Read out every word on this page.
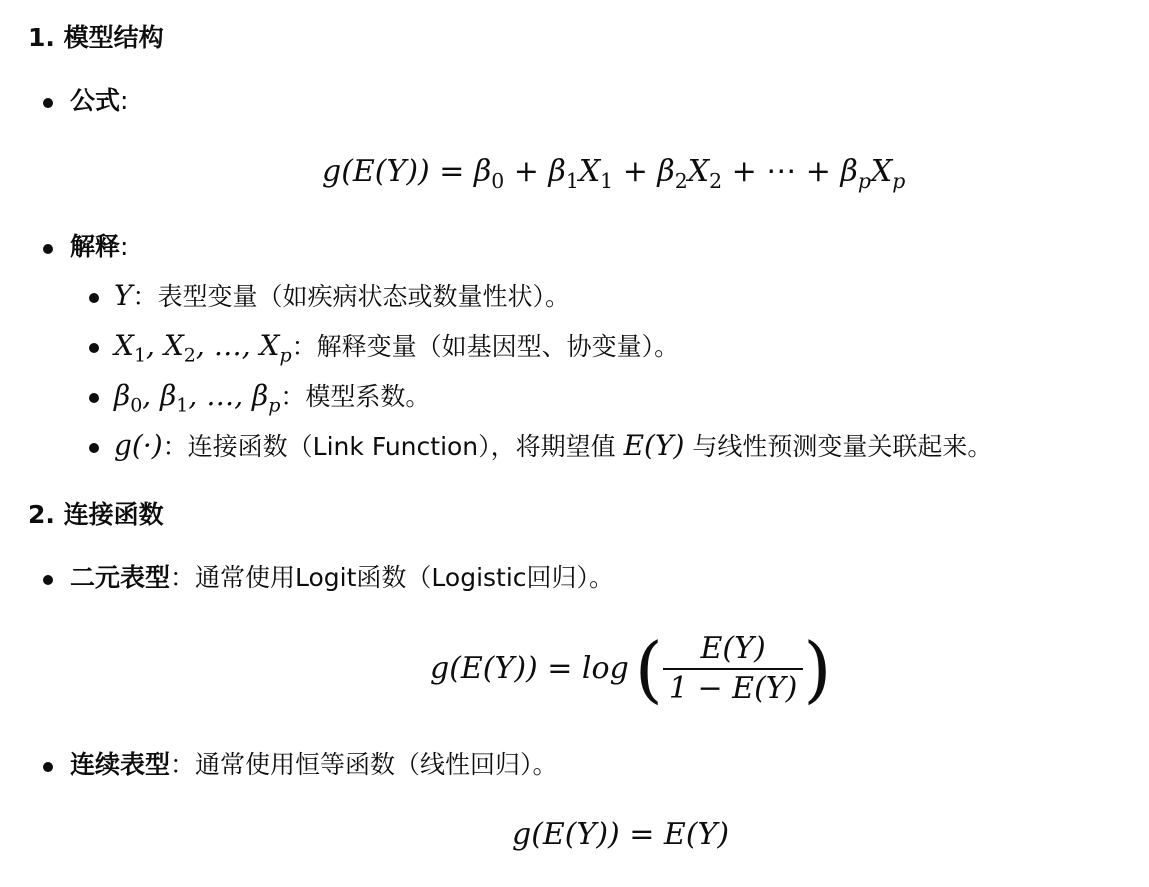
1. 模型结构
公式:
$g(E(Y)) = \beta_0 + \beta_1X_1 + \beta_2X_2$ + ⋯ + $\beta_pX_p$
解释:
Y：表型变量（如疾病状态或数量性状）。
$X_1$, $X_2$, …, $X_p$：解释变量（如基因型、协变量）。
$\beta_0$, $\beta_1$, …, $\beta_p$：模型系数。
g(·)：连接函数（Link Function），将期望值 E(Y) 与线性预测变量关联起来。
2. 连接函数
二元表型：通常使用Logit函数（Logistic回归）。
g(E(Y)) = log ( $\frac{E(Y)}{1 - E(Y)}$ )
连续表型：通常使用恒等函数（线性回归）。
g(E(Y)) = E(Y)
